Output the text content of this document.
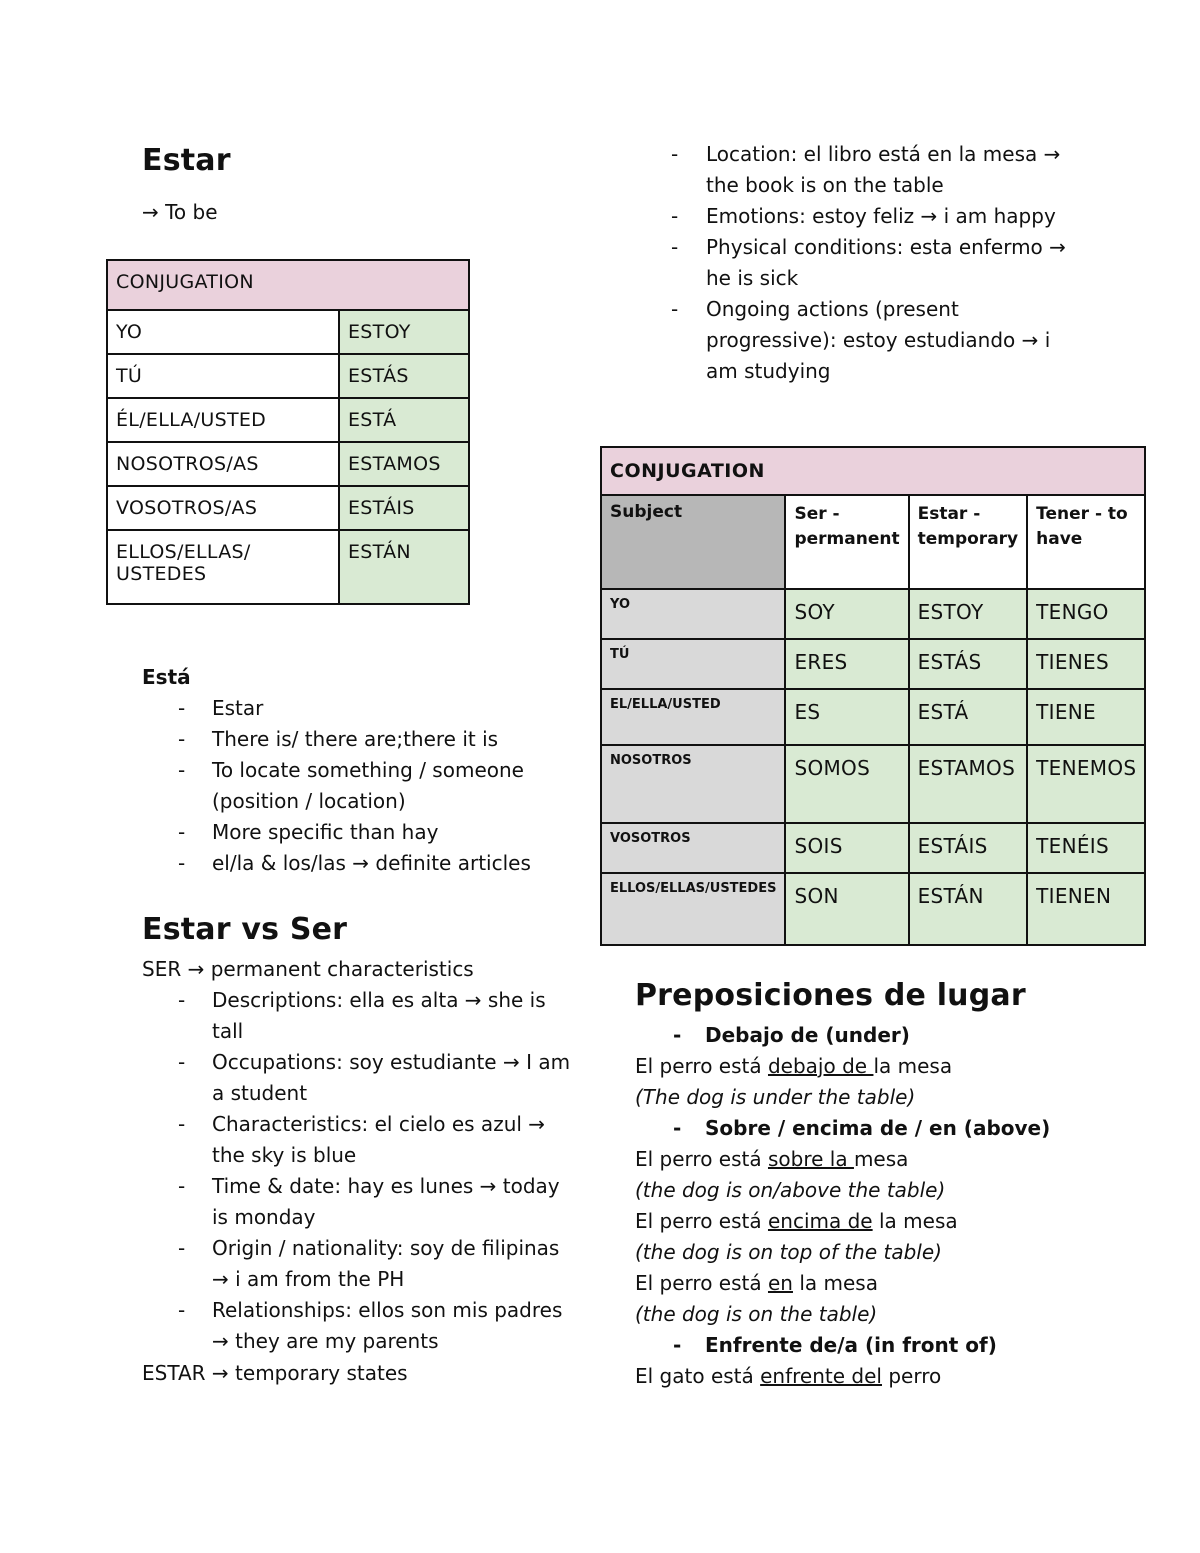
Estar
→ To be
CONJUGATION	
YO	ESTOY
TÚ	ESTÁS
ÉL/ELLA/USTED	ESTÁ
NOSOTROS/AS	ESTAMOS
VOSOTROS/AS	ESTÁIS
ELLOS/ELLAS/ USTEDES	ESTÁN
Está
- Estar
- There is/ there are;there it is
- To locate something / someone (position / location)
- More specific than hay
- el/la & los/las → definite articles
Estar vs Ser
SER → permanent characteristics
- Descriptions: ella es alta → she is tall
- Occupations: soy estudiante → I am a student
- Characteristics: el cielo es azul → the sky is blue
- Time & date: hay es lunes → today is monday
- Origin / nationality: soy de filipinas → i am from the PH
- Relationships: ellos son mis padres → they are my parents
ESTAR → temporary states
- Location: el libro está en la mesa → the book is on the table
- Emotions: estoy feliz → i am happy
- Physical conditions: esta enfermo → he is sick
- Ongoing actions (present progressive): estoy estudiando → i am studying
CONJUGATION			
Subject	Ser - permanent	Estar - temporary	Tener - to have
YO	SOY	ESTOY	TENGO
TÚ	ERES	ESTÁS	TIENES
EL/ELLA/USTED	ES	ESTÁ	TIENE
NOSOTROS	SOMOS	ESTAMOS	TENEMOS
VOSOTROS	SOIS	ESTÁIS	TENÉIS
ELLOS/ELLAS/USTEDES	SON	ESTÁN	TIENEN
Preposiciones de lugar
- Debajo de (under)
El perro está debajo de la mesa
(The dog is under the table)
- Sobre / encima de / en (above)
El perro está sobre la mesa
(the dog is on/above the table)
El perro está encima de la mesa
(the dog is on top of the table)
El perro está en la mesa
(the dog is on the table)
- Enfrente de/a (in front of)
El gato está enfrente del perro
